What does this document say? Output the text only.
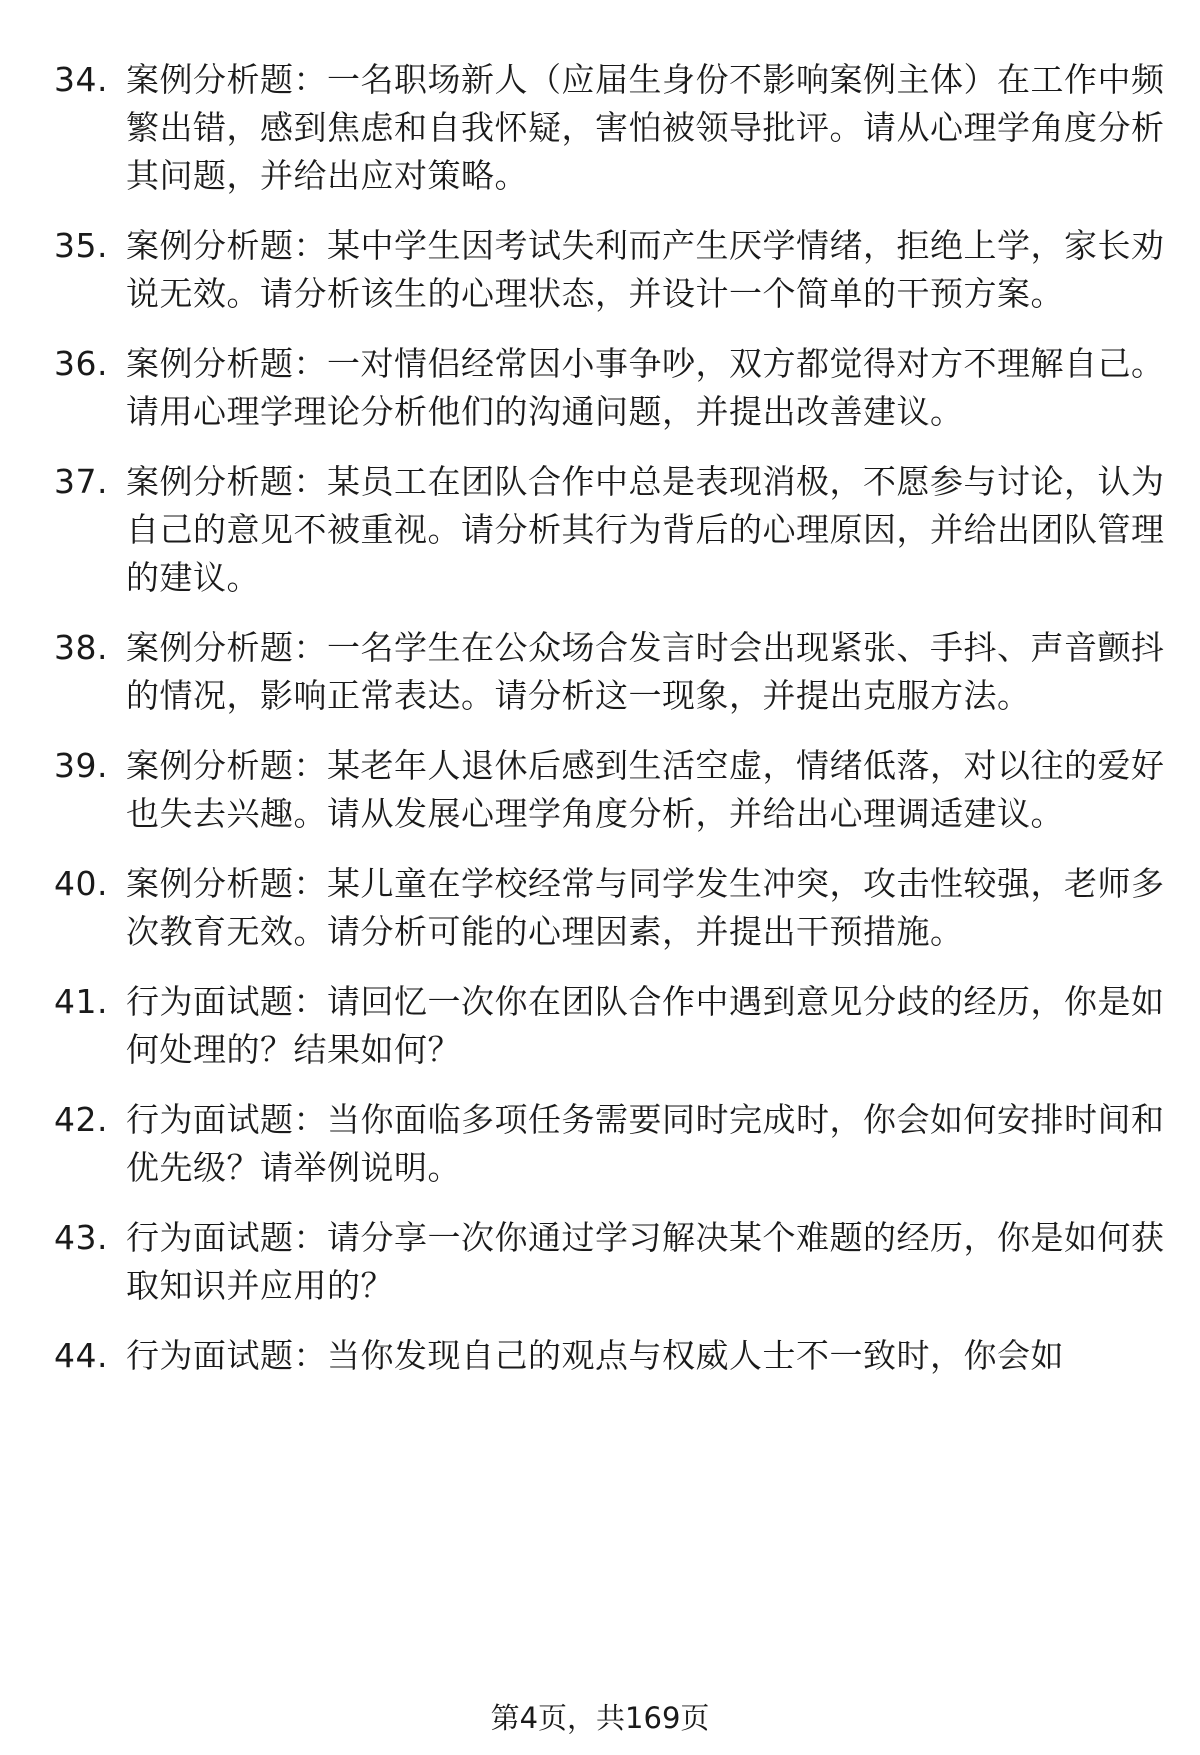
34. 案例分析题：一名职场新人（应届生身份不影响案例主体）在工作中频繁出错，感到焦虑和自我怀疑，害怕被领导批评。请从心理学角度分析其问题，并给出应对策略。
35. 案例分析题：某中学生因考试失利而产生厌学情绪，拒绝上学，家长劝说无效。请分析该生的心理状态，并设计一个简单的干预方案。
36. 案例分析题：一对情侣经常因小事争吵，双方都觉得对方不理解自己。请用心理学理论分析他们的沟通问题，并提出改善建议。
37. 案例分析题：某员工在团队合作中总是表现消极，不愿参与讨论，认为自己的意见不被重视。请分析其行为背后的心理原因，并给出团队管理的建议。
38. 案例分析题：一名学生在公众场合发言时会出现紧张、手抖、声音颤抖的情况，影响正常表达。请分析这一现象，并提出克服方法。
39. 案例分析题：某老年人退休后感到生活空虚，情绪低落，对以往的爱好也失去兴趣。请从发展心理学角度分析，并给出心理调适建议。
40. 案例分析题：某儿童在学校经常与同学发生冲突，攻击性较强，老师多次教育无效。请分析可能的心理因素，并提出干预措施。
41. 行为面试题：请回忆一次你在团队合作中遇到意见分歧的经历，你是如何处理的？结果如何？
42. 行为面试题：当你面临多项任务需要同时完成时，你会如何安排时间和优先级？请举例说明。
43. 行为面试题：请分享一次你通过学习解决某个难题的经历，你是如何获取知识并应用的？
44. 行为面试题：当你发现自己的观点与权威人士不一致时，你会如
第4页，共169页
